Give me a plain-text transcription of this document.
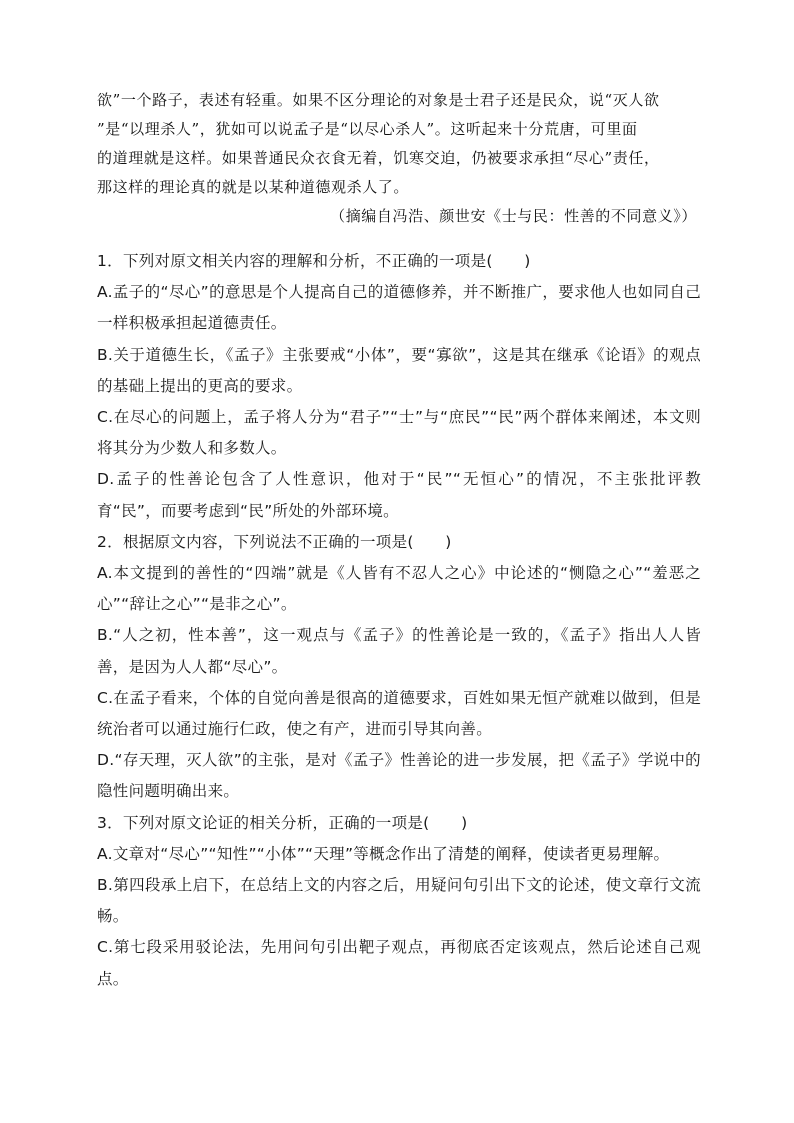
欲”一个路子，表述有轻重。如果不区分理论的对象是士君子还是民众，说“灭人欲

”是“以理杀人”，犹如可以说孟子是“以尽心杀人”。这听起来十分荒唐，可里面

的道理就是这样。如果普通民众衣食无着，饥寒交迫，仍被要求承担“尽心”责任，

那这样的理论真的就是以某种道德观杀人了。

（摘编自冯浩、颜世安《士与民：性善的不同意义》）

1．下列对原文相关内容的理解和分析，不正确的一项是(　　)
A.孟子的“尽心”的意思是个人提高自己的道德修养，并不断推广，要求他人也如同自己一样积极承担起道德责任。
B.关于道德生长，《孟子》主张要戒“小体”，要“寡欲”，这是其在继承《论语》的观点的基础上提出的更高的要求。
C.在尽心的问题上，孟子将人分为“君子”“士”与“庶民”“民”两个群体来阐述，本文则将其分为少数人和多数人。
D.孟子的性善论包含了人性意识，他对于“民”“无恒心”的情况，不主张批评教育“民”，而要考虑到“民”所处的外部环境。
2．根据原文内容，下列说法不正确的一项是(　　)
A.本文提到的善性的“四端”就是《人皆有不忍人之心》中论述的“恻隐之心”“羞恶之心”“辞让之心”“是非之心”。
B.“人之初，性本善”，这一观点与《孟子》的性善论是一致的，《孟子》指出人人皆善，是因为人人都“尽心”。
C.在孟子看来，个体的自觉向善是很高的道德要求，百姓如果无恒产就难以做到，但是统治者可以通过施行仁政，使之有产，进而引导其向善。
D.“存天理，灭人欲”的主张，是对《孟子》性善论的进一步发展，把《孟子》学说中的隐性问题明确出来。
3．下列对原文论证的相关分析，正确的一项是(　　)
A.文章对“尽心”“知性”“小体”“天理”等概念作出了清楚的阐释，使读者更易理解。
B.第四段承上启下，在总结上文的内容之后，用疑问句引出下文的论述，使文章行文流畅。
C.第七段采用驳论法，先用问句引出靶子观点，再彻底否定该观点，然后论述自己观点。
